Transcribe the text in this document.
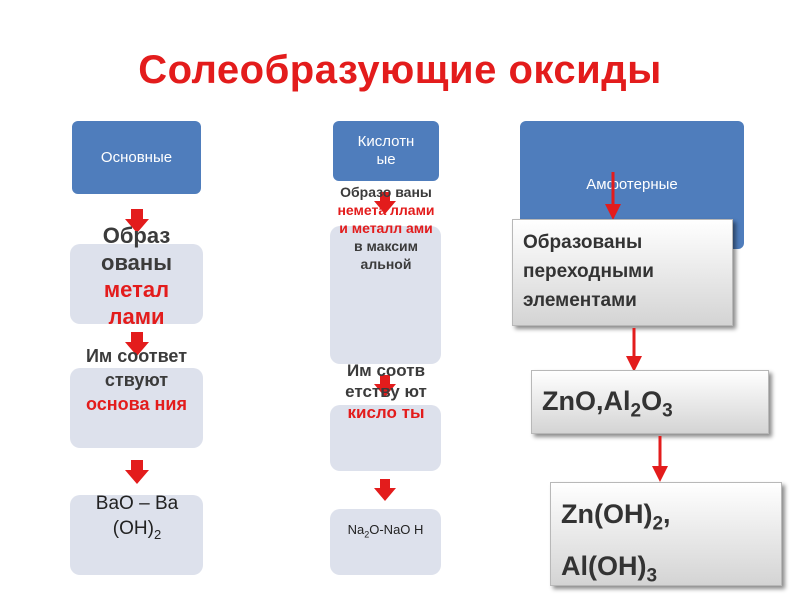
Солеобразующие оксиды
Основные
Образ ованы метал лами
Им соответ ствуют основа ния
BaO – Ba $(OH)_2$
Кислотн ые
Образо ваны немета ллами и металл ами в максим альной
Им соотв етству ют кисло ты
$Na_2O$-NaO H
Амфотерные
Образованы переходными элементами
$ZnO,Al_2O_3$
$Zn(OH)_2$,
$Al(OH)_3$
